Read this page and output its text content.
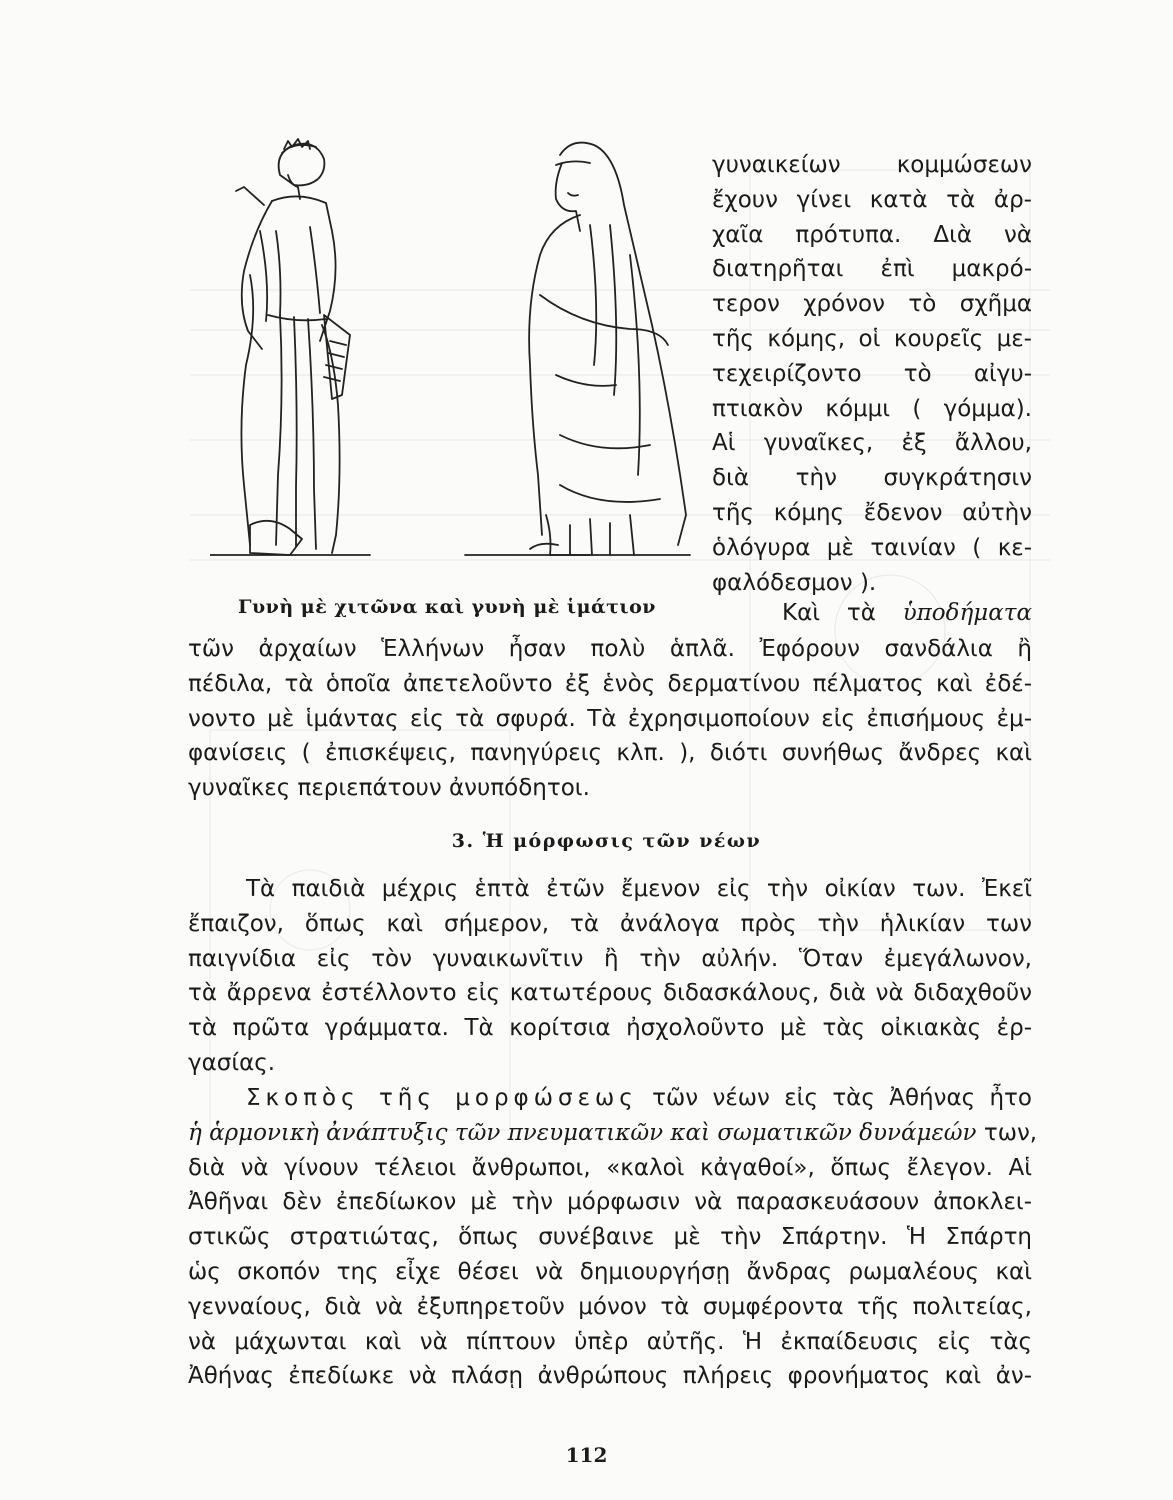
Γυνὴ μὲ χιτῶνα καὶ γυνὴ μὲ ἱμάτιον
γυναικείων κομμώσεων
ἔχουν γίνει κατὰ τὰ ἀρ-
χαῖα πρότυπα. Διὰ νὰ
διατηρῆται ἐπὶ μακρό-
τερον χρόνον τὸ σχῆμα
τῆς κόμης, οἱ κουρεῖς με-
τεχειρίζοντο τὸ αἰγυ-
πτιακὸν κόμμι ( γόμμα).
Αἱ γυναῖκες, ἐξ ἄλλου,
διὰ τὴν συγκράτησιν
τῆς κόμης ἔδενον αὐτὴν
ὁλόγυρα μὲ ταινίαν ( κε-
φαλόδεσμον ).
Καὶ τὰ ὑποδήματα
τῶν ἀρχαίων Ἑλλήνων ἦσαν πολὺ ἁπλᾶ. Ἐφόρουν σανδάλια ἢ
πέδιλα, τὰ ὁποῖα ἀπετελοῦντο ἐξ ἑνὸς δερματίνου πέλματος καὶ ἐδέ-
νοντο μὲ ἱμάντας εἰς τὰ σφυρά. Τὰ ἐχρησιμοποίουν εἰς ἐπισήμους ἐμ-
φανίσεις ( ἐπισκέψεις, πανηγύρεις κλπ. ), διότι συνήθως ἄνδρες καὶ
γυναῖκες περιεπάτουν ἀνυπόδητοι.
3. Ἡ μόρφωσις τῶν νέων
Τὰ παιδιὰ μέχρις ἑπτὰ ἐτῶν ἔμενον εἰς τὴν οἰκίαν των. Ἐκεῖ
ἔπαιζον, ὅπως καὶ σήμερον, τὰ ἀνάλογα πρὸς τὴν ἡλικίαν των
παιγνίδια εἰς τὸν γυναικωνῖτιν ἢ τὴν αὐλήν. Ὅταν ἐμεγάλωνον,
τὰ ἄρρενα ἐστέλλοντο εἰς κατωτέρους διδασκάλους, διὰ νὰ διδαχθοῦν
τὰ πρῶτα γράμματα. Τὰ κορίτσια ἠσχολοῦντο μὲ τὰς οἰκιακὰς ἐρ-
γασίας.
Σκοπὸς τῆς μορφώσεως τῶν νέων εἰς τὰς Ἀθήνας ἦτο
ἡ ἁρμονικὴ ἀνάπτυξις τῶν πνευματικῶν καὶ σωματικῶν δυνάμεών των,
διὰ νὰ γίνουν τέλειοι ἄνθρωποι, «καλοὶ κἀγαθοί», ὅπως ἔλεγον. Αἱ
Ἀθῆναι δὲν ἐπεδίωκον μὲ τὴν μόρφωσιν νὰ παρασκευάσουν ἀποκλει-
στικῶς στρατιώτας, ὅπως συνέβαινε μὲ τὴν Σπάρτην. Ἡ Σπάρτη
ὡς σκοπόν της εἶχε θέσει νὰ δημιουργήσῃ ἄνδρας ρωμαλέους καὶ
γενναίους, διὰ νὰ ἐξυπηρετοῦν μόνον τὰ συμφέροντα τῆς πολιτείας,
νὰ μάχωνται καὶ νὰ πίπτουν ὑπὲρ αὐτῆς. Ἡ ἐκπαίδευσις εἰς τὰς
Ἀθήνας ἐπεδίωκε νὰ πλάσῃ ἀνθρώπους πλήρεις φρονήματος καὶ ἀν-
112
